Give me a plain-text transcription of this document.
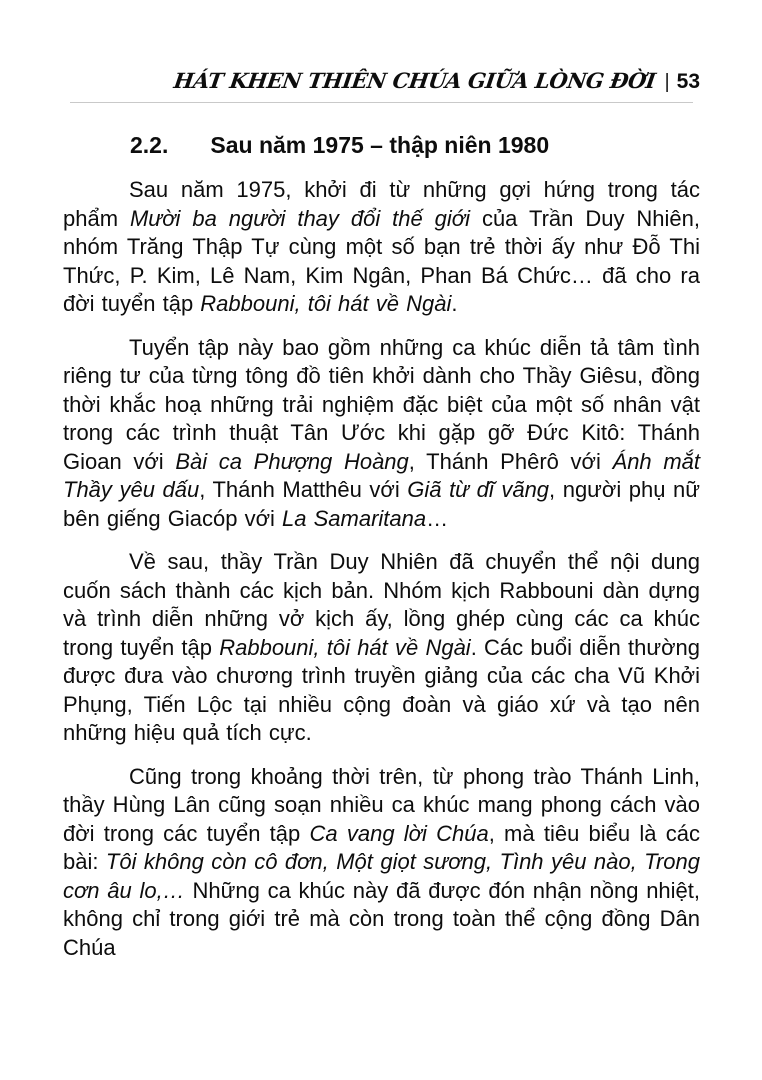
HÁT KHEN THIÊN CHÚA GIỮA LÒNG ĐỜI | 53
2.2. Sau năm 1975 – thập niên 1980

Sau năm 1975, khởi đi từ những gợi hứng trong tác phẩm Mười ba người thay đổi thế giới của Trần Duy Nhiên, nhóm Trăng Thập Tự cùng một số bạn trẻ thời ấy như Đỗ Thi Thức, P. Kim, Lê Nam, Kim Ngân, Phan Bá Chức… đã cho ra đời tuyển tập Rabbouni, tôi hát về Ngài.

Tuyển tập này bao gồm những ca khúc diễn tả tâm tình riêng tư của từng tông đồ tiên khởi dành cho Thầy Giêsu, đồng thời khắc hoạ những trải nghiệm đặc biệt của một số nhân vật trong các trình thuật Tân Ước khi gặp gỡ Đức Kitô: Thánh Gioan với Bài ca Phượng Hoàng, Thánh Phêrô với Ánh mắt Thầy yêu dấu, Thánh Matthêu với Giã từ dĩ vãng, người phụ nữ bên giếng Giacóp với La Samaritana…

Về sau, thầy Trần Duy Nhiên đã chuyển thể nội dung cuốn sách thành các kịch bản. Nhóm kịch Rabbouni dàn dựng và trình diễn những vở kịch ấy, lồng ghép cùng các ca khúc trong tuyển tập Rabbouni, tôi hát về Ngài. Các buổi diễn thường được đưa vào chương trình truyền giảng của các cha Vũ Khởi Phụng, Tiến Lộc tại nhiều cộng đoàn và giáo xứ và tạo nên những hiệu quả tích cực.

Cũng trong khoảng thời trên, từ phong trào Thánh Linh, thầy Hùng Lân cũng soạn nhiều ca khúc mang phong cách vào đời trong các tuyển tập Ca vang lời Chúa, mà tiêu biểu là các bài: Tôi không còn cô đơn, Một giọt sương, Tình yêu nào, Trong cơn âu lo,… Những ca khúc này đã được đón nhận nồng nhiệt, không chỉ trong giới trẻ mà còn trong toàn thể cộng đồng Dân Chúa
